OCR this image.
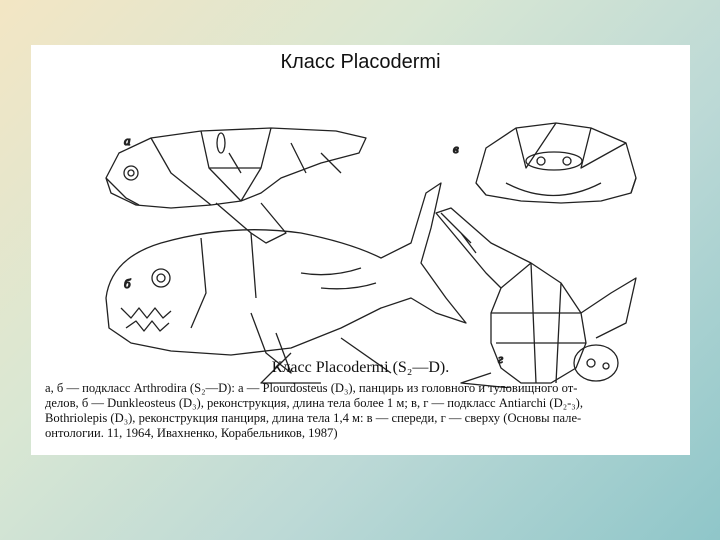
Класс Placodermi
а
б
в
г
Класс Placodermi (S₂—D).

а, б — подкласс Arthrodira (S₂—D): а — Plourdosteus (D₃), панцирь из головного и туловищного от-

делов, б — Dunkleosteus (D₃), реконструкция, длина тела более 1 м; в, г — подкласс Antiarchi (D₂-₃),

Bothriolepis (D₃), реконструкция панциря, длина тела 1,4 м: в — спереди, г — сверху (Основы пале-

онтологии. 11, 1964, Ивахненко, Корабельников, 1987)
